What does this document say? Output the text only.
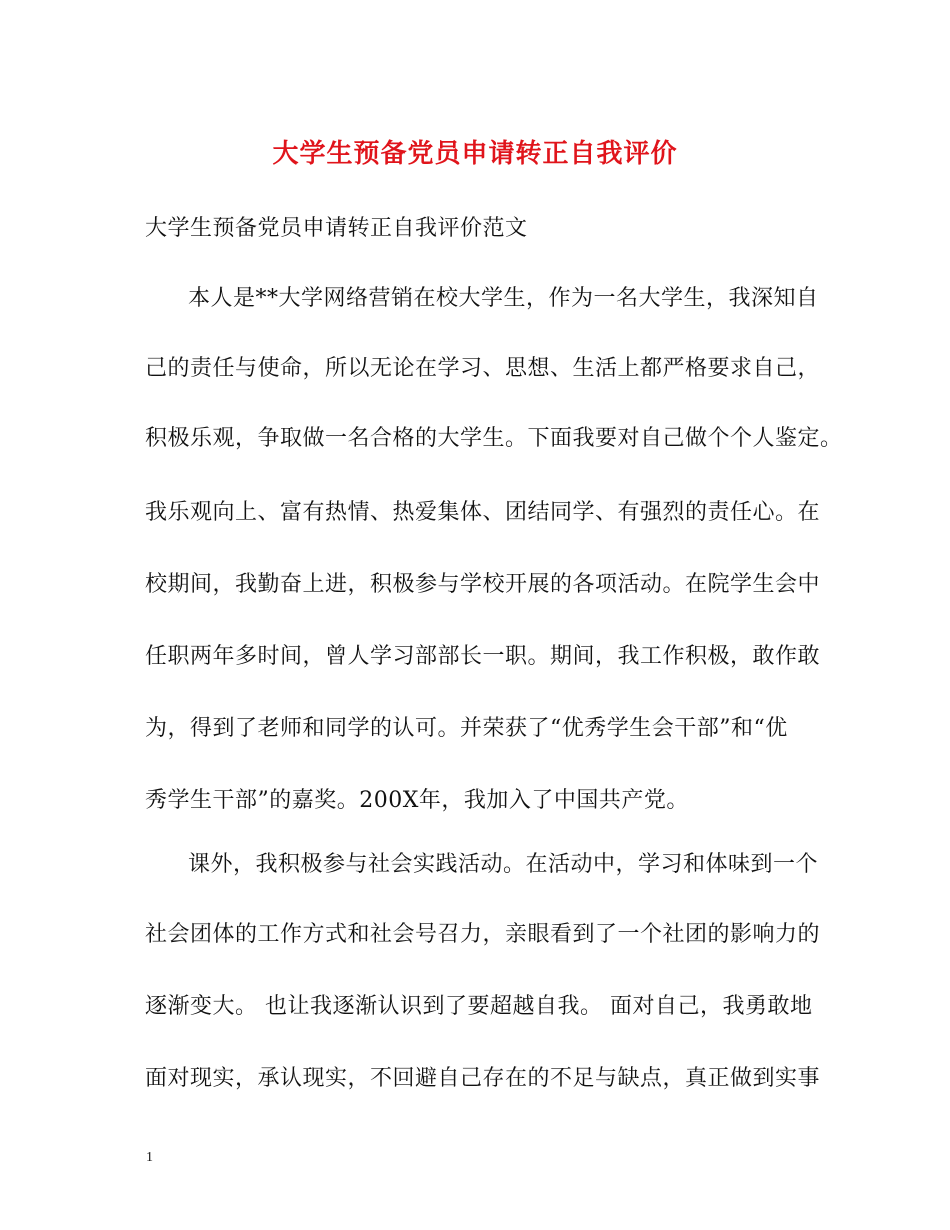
大学生预备党员申请转正自我评价
大学生预备党员申请转正自我评价范文
本人是**大学网络营销在校大学生，作为一名大学生，我深知自
己的责任与使命，所以无论在学习、思想、生活上都严格要求自己，
积极乐观，争取做一名合格的大学生。下面我要对自己做个个人鉴定。
我乐观向上、富有热情、热爱集体、团结同学、有强烈的责任心。在
校期间，我勤奋上进，积极参与学校开展的各项活动。在院学生会中
任职两年多时间，曾人学习部部长一职。期间，我工作积极，敢作敢
为，得到了老师和同学的认可。并荣获了“优秀学生会干部”和“优
秀学生干部”的嘉奖。200X年，我加入了中国共产党。
课外，我积极参与社会实践活动。在活动中，学习和体味到一个
社会团体的工作方式和社会号召力，亲眼看到了一个社团的影响力的
逐渐变大。 也让我逐渐认识到了要超越自我。 面对自己，我勇敢地
面对现实，承认现实，不回避自己存在的不足与缺点，真正做到实事
1
